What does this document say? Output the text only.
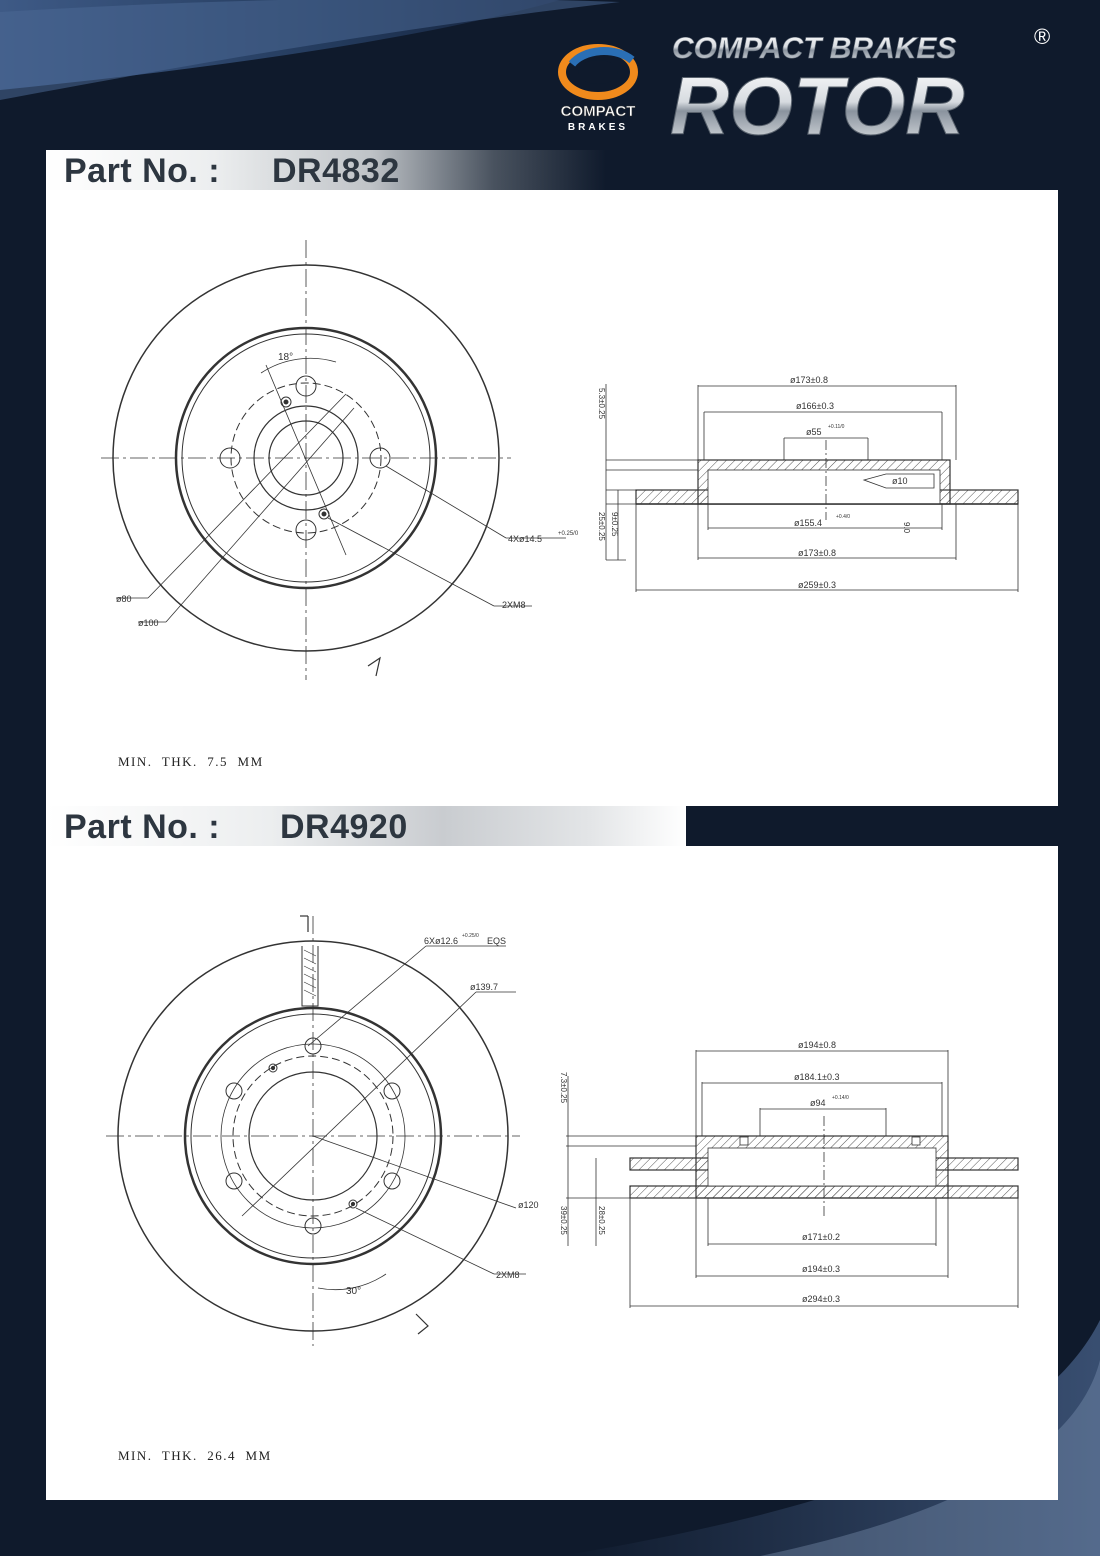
COMPACT
BRAKES
COMPACT BRAKES	®
ROTOR
Part No. : DR4832
18°
4Xø14.5	+0.25/0
2XM8
ø80
ø100
ø173±0.8
ø166±0.3
ø55 +0.11/0
ø10
9.0
ø155.4
+0.4/0
ø173±0.8
ø259±0.3
5.3±0.25
25±0.25 9±0.25
MIN.  THK.  7.5  MM
Part No. : DR4920
6Xø12.6 +0.25/0 EQS
ø139.7
ø120
2XM8
30°
ø194±0.8
ø184.1±0.3
ø94 +0.14/0
ø171±0.2
ø194±0.3
ø294±0.3
7.3±0.25
39±0.25	28±0.25
MIN.  THK.  26.4  MM
